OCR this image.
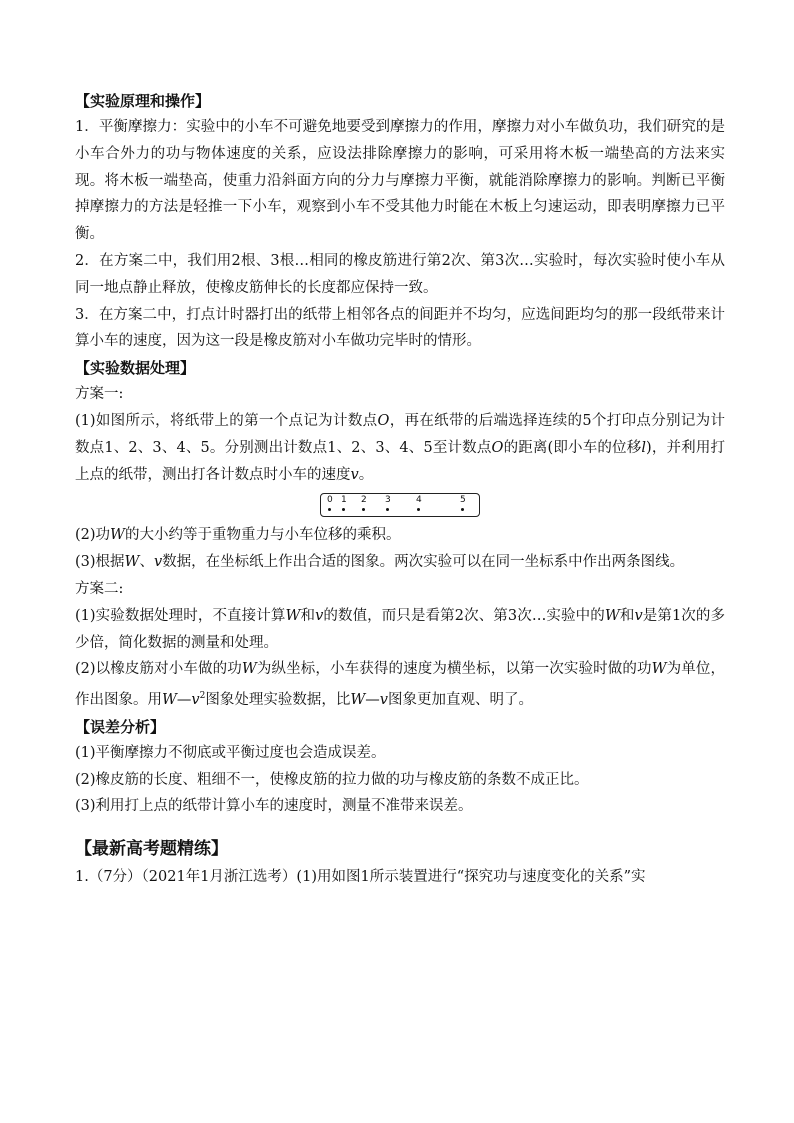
【实验原理和操作】

1．平衡摩擦力：实验中的小车不可避免地要受到摩擦力的作用，摩擦力对小车做负功，我们研究的是小车合外力的功与物体速度的关系，应设法排除摩擦力的影响，可采用将木板一端垫高的方法来实现。将木板一端垫高，使重力沿斜面方向的分力与摩擦力平衡，就能消除摩擦力的影响。判断已平衡掉摩擦力的方法是轻推一下小车，观察到小车不受其他力时能在木板上匀速运动，即表明摩擦力已平衡。

2．在方案二中，我们用2根、3根…相同的橡皮筋进行第2次、第3次…实验时，每次实验时使小车从同一地点静止释放，使橡皮筋伸长的长度都应保持一致。

3．在方案二中，打点计时器打出的纸带上相邻各点的间距并不均匀，应选间距均匀的那一段纸带来计算小车的速度，因为这一段是橡皮筋对小车做功完毕时的情形。

【实验数据处理】

方案一:

(1)如图所示，将纸带上的第一个点记为计数点O，再在纸带的后端选择连续的5个打印点分别记为计数点1、2、3、4、5。分别测出计数点1、2、3、4、5至计数点O的距离(即小车的位移l)，并利用打上点的纸带，测出打各计数点时小车的速度v。

0 1 2 3	4	5

(2)功W的大小约等于重物重力与小车位移的乘积。

(3)根据W、v数据，在坐标纸上作出合适的图象。两次实验可以在同一坐标系中作出两条图线。

方案二:

(1)实验数据处理时，不直接计算W和v的数值，而只是看第2次、第3次…实验中的W和v是第1次的多少倍，简化数据的测量和处理。

(2)以橡皮筋对小车做的功W为纵坐标，小车获得的速度为横坐标，以第一次实验时做的功W为单位，作出图象。用$W—v^2$图象处理实验数据，比W—v图象更加直观、明了。

【误差分析】

(1)平衡摩擦力不彻底或平衡过度也会造成误差。

(2)橡皮筋的长度、粗细不一，使橡皮筋的拉力做的功与橡皮筋的条数不成正比。

(3)利用打上点的纸带计算小车的速度时，测量不准带来误差。

【最新高考题精练】

1.（7分）（2021年1月浙江选考）(1)用如图1所示装置进行“探究功与速度变化的关系”实
